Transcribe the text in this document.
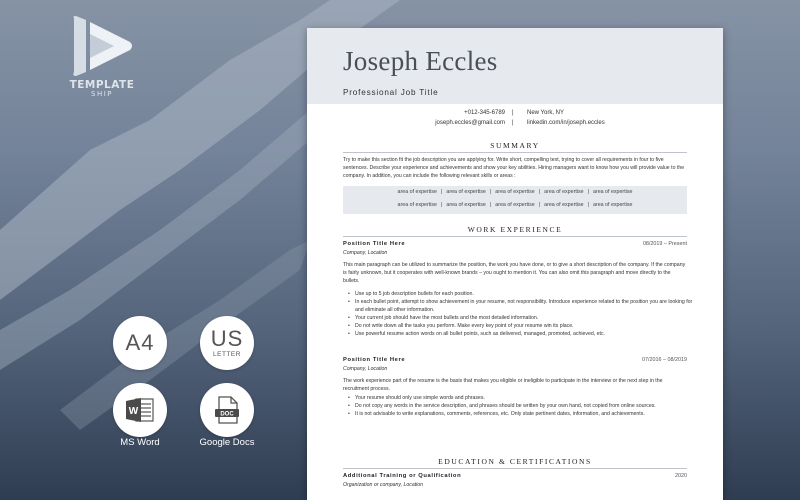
TEMPLATE
SHIP
A4	US
LETTER
W	DOC
MS Word	Google Docs
Joseph Eccles
Professional Job Title
+012-345-6789 | New York, NY
joseph.eccles@gmail.com | linkedin.com/in/joseph.eccles
SUMMARY
Try to make this section fit the job description you are applying for. Write short, compelling text, trying to cover all requirements in four to five sentences. Describe your experience and achievements and show your key abilities. Hiring managers want to know how you will provide value to the company. In addition, you can include the following relevant skills or areas :
area of expertise | area of expertise | area of expertise | area of expertise | area of expertise
area of expertise | area of expertise | area of expertise | area of expertise | area of expertise
WORK EXPERIENCE
Position Title Here	08/2019 – Present
Company, Location
This main paragraph can be utilized to summarize the position, the work you have done, or to give a short description of the company. If the company is fairly unknown, but it cooperates with well-known brands – you ought to mention it. You can also omit this paragraph and move directly to the bullets.
• Use up to 5 job description bullets for each position.
• In each bullet point, attempt to show achievement in your resume, not responsibility. Introduce experience related to the position you are looking for and eliminate all other information.
• Your current job should have the most bullets and the most detailed information.
• Do not write down all the tasks you perform. Make every key point of your resume win its place.
• Use powerful resume action words on all bullet points, such as delivered, managed, promoted, achieved, etc.
Position Title Here	07/2016 – 08/2019
Company, Location
The work experience part of the resume is the basis that makes you eligible or ineligible to participate in the interview or the next step in the recruitment process.
• Your resume should only use simple words and phrases.
• Do not copy any words in the service description, and phrases should be written by your own hand, not copied from online sources.
• It is not advisable to write explanations, comments, references, etc. Only state pertinent dates, information, and achievements.
EDUCATION & CERTIFICATIONS
Additional Training or Qualification	2020
Organization or company, Location
